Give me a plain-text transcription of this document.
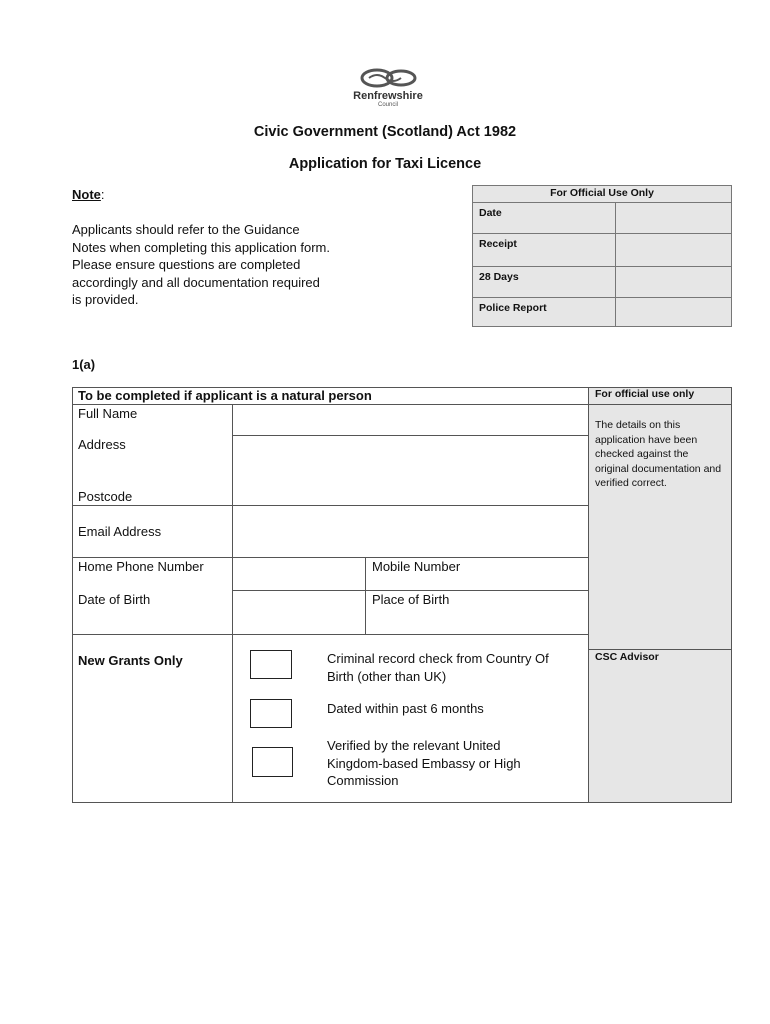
Renfrewshire
Council
Civic Government (Scotland) Act 1982
Application for Taxi Licence
Note:
Applicants should refer to the Guidance Notes when completing this application form. Please ensure questions are completed accordingly and all documentation required is provided.
For Official Use Only	
Date	
Receipt	
28 Days	
Police Report	
1(a)
To be completed if applicant is a natural person	For official use only
Full Name
Address
Postcode
Email Address
Home Phone Number	Mobile Number
Date of Birth	Place of Birth
New Grants Only	Criminal record check from Country Of Birth (other than UK)
Dated within past 6 months
Verified by the relevant United Kingdom-based Embassy or High Commission
The details on this application have been checked against the original documentation and verified correct.
CSC Advisor
